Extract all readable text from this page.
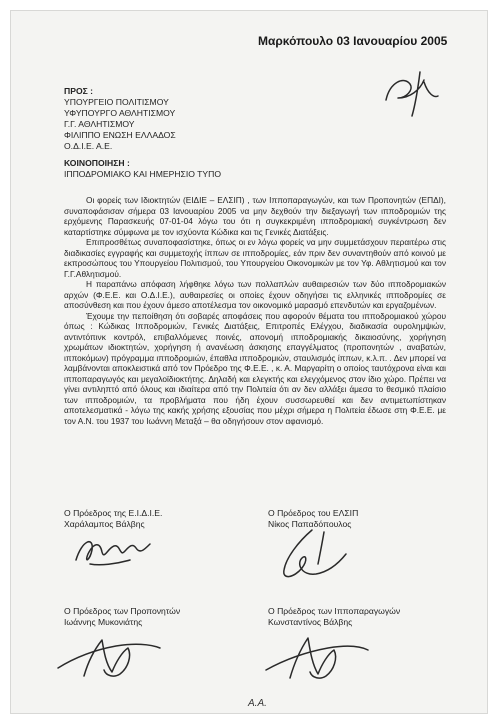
Μαρκόπουλο 03 Ιανουαρίου 2005
ΠΡΟΣ :
ΥΠΟΥΡΓΕΙΟ ΠΟΛΙΤΙΣΜΟΥ
ΥΦΥΠΟΥΡΓΟ ΑΘΛΗΤΙΣΜΟΥ
Γ.Γ. ΑΘΛΗΤΙΣΜΟΥ
ΦΙΛΙΠΠΟ ΕΝΩΣΗ ΕΛΛΑΔΟΣ
Ο.Δ.Ι.Ε. Α.Ε.
ΚΟΙΝΟΠΟΙΗΣΗ :
ΙΠΠΟΔΡΟΜΙΑΚΟ ΚΑΙ ΗΜΕΡΗΣΙΟ ΤΥΠΟ

Οι φορείς των Ιδιοκτητών (ΕΙΔΙΕ – ΕΛΣΙΠ) , των Ιπποπαραγωγών, και των Προπονητών (ΕΠΔΙ), συναποφάσισαν σήμερα 03 Ιανουαρίου 2005 να μην δεχθούν την διεξαγωγή των ιπποδρομιών της ερχόμενης Παρασκευής 07-01-04 λόγω του ότι η συγκεκριμένη ιπποδρομιακή συγκέντρωση δεν καταρτίστηκε σύμφωνα με τον ισχύοντα Κώδικα και τις Γενικές Διατάξεις.

Επιπροσθέτως συναποφασίστηκε, όπως οι εν λόγω φορείς να μην συμμετάσχουν περαιτέρω στις διαδικασίες εγγραφής και συμμετοχής ίππων σε ιπποδρομίες, εάν πριν δεν συναντηθούν από κοινού με εκπροσώπους του Υπουργείου Πολιτισμού, του Υπουργείου Οικονομικών με τον Υφ. Αθλητισμού και τον Γ.Γ.Αθλητισμού.

Η παραπάνω απόφαση λήφθηκε λόγω των πολλαπλών αυθαιρεσιών των δύο ιπποδρομιακών αρχών (Φ.Ε.Ε. και Ο.Δ.Ι.Ε.), αυθαιρεσίες οι οποίες έχουν οδηγήσει τις ελληνικές ιπποδρομίες σε αποσύνθεση και που έχουν άμεσο αποτέλεσμα τον οικονομικό μαρασμό επενδυτών και εργαζομένων.

Έχουμε την πεποίθηση ότι σοβαρές αποφάσεις που αφορούν θέματα του ιπποδρομιακού χώρου όπως : Κώδικας Ιπποδρομιών, Γενικές Διατάξεις, Επιτροπές Ελέγχου, διαδικασία ουρολημψιών, αντιντόπινκ κοντρόλ, επιβαλλόμενες ποινές, απονομή ιπποδρομιακής δικαιοσύνης, χορήγηση χρωμάτων ιδιοκτητών, χορήγηση ή ανανέωση άσκησης επαγγέλματος (προπονητών , αναβατών, ιπποκόμων) πρόγραμμα ιπποδρομιών, έπαθλα ιπποδρομιών, σταυλισμός ίππων, κ.λ.π. . Δεν μπορεί να λαμβάνονται αποκλειστικά από τον Πρόεδρο της Φ.Ε.Ε. , κ. Α. Μαργαρίτη ο οποίος ταυτόχρονα είναι και ιπποπαραγωγός και μεγαλοϊδιοκτήτης. Δηλαδή και ελεγκτής και ελεγχόμενος στον ίδιο χώρο. Πρέπει να γίνει αντιληπτό από όλους και ιδιαίτερα από την Πολιτεία ότι αν δεν αλλάξει άμεσα το θεσμικό πλαίσιο των ιπποδρομιών, τα προβλήματα που ήδη έχουν συσσωρευθεί και δεν αντιμετωπίστηκαν αποτελεσματικά - λόγω της κακής χρήσης εξουσίας που μέχρι σήμερα η Πολιτεία έδωσε στη Φ.Ε.Ε. με τον Α.Ν. του 1937 του Ιωάννη Μεταξά – θα οδηγήσουν στον αφανισμό.

Ο Πρόεδρος της Ε.Ι.Δ.Ι.Ε.
Χαράλαμπος Βάλβης
Ο Πρόεδρος του ΕΛΣΙΠ
Νίκος Παπαδόπουλος
Ο Πρόεδρος των Προπονητών
Ιωάννης Μυκονιάτης
Ο Πρόεδρος των Ιπποπαραγωγών
Κωνσταντίνος Βάλβης
Α.Α.
